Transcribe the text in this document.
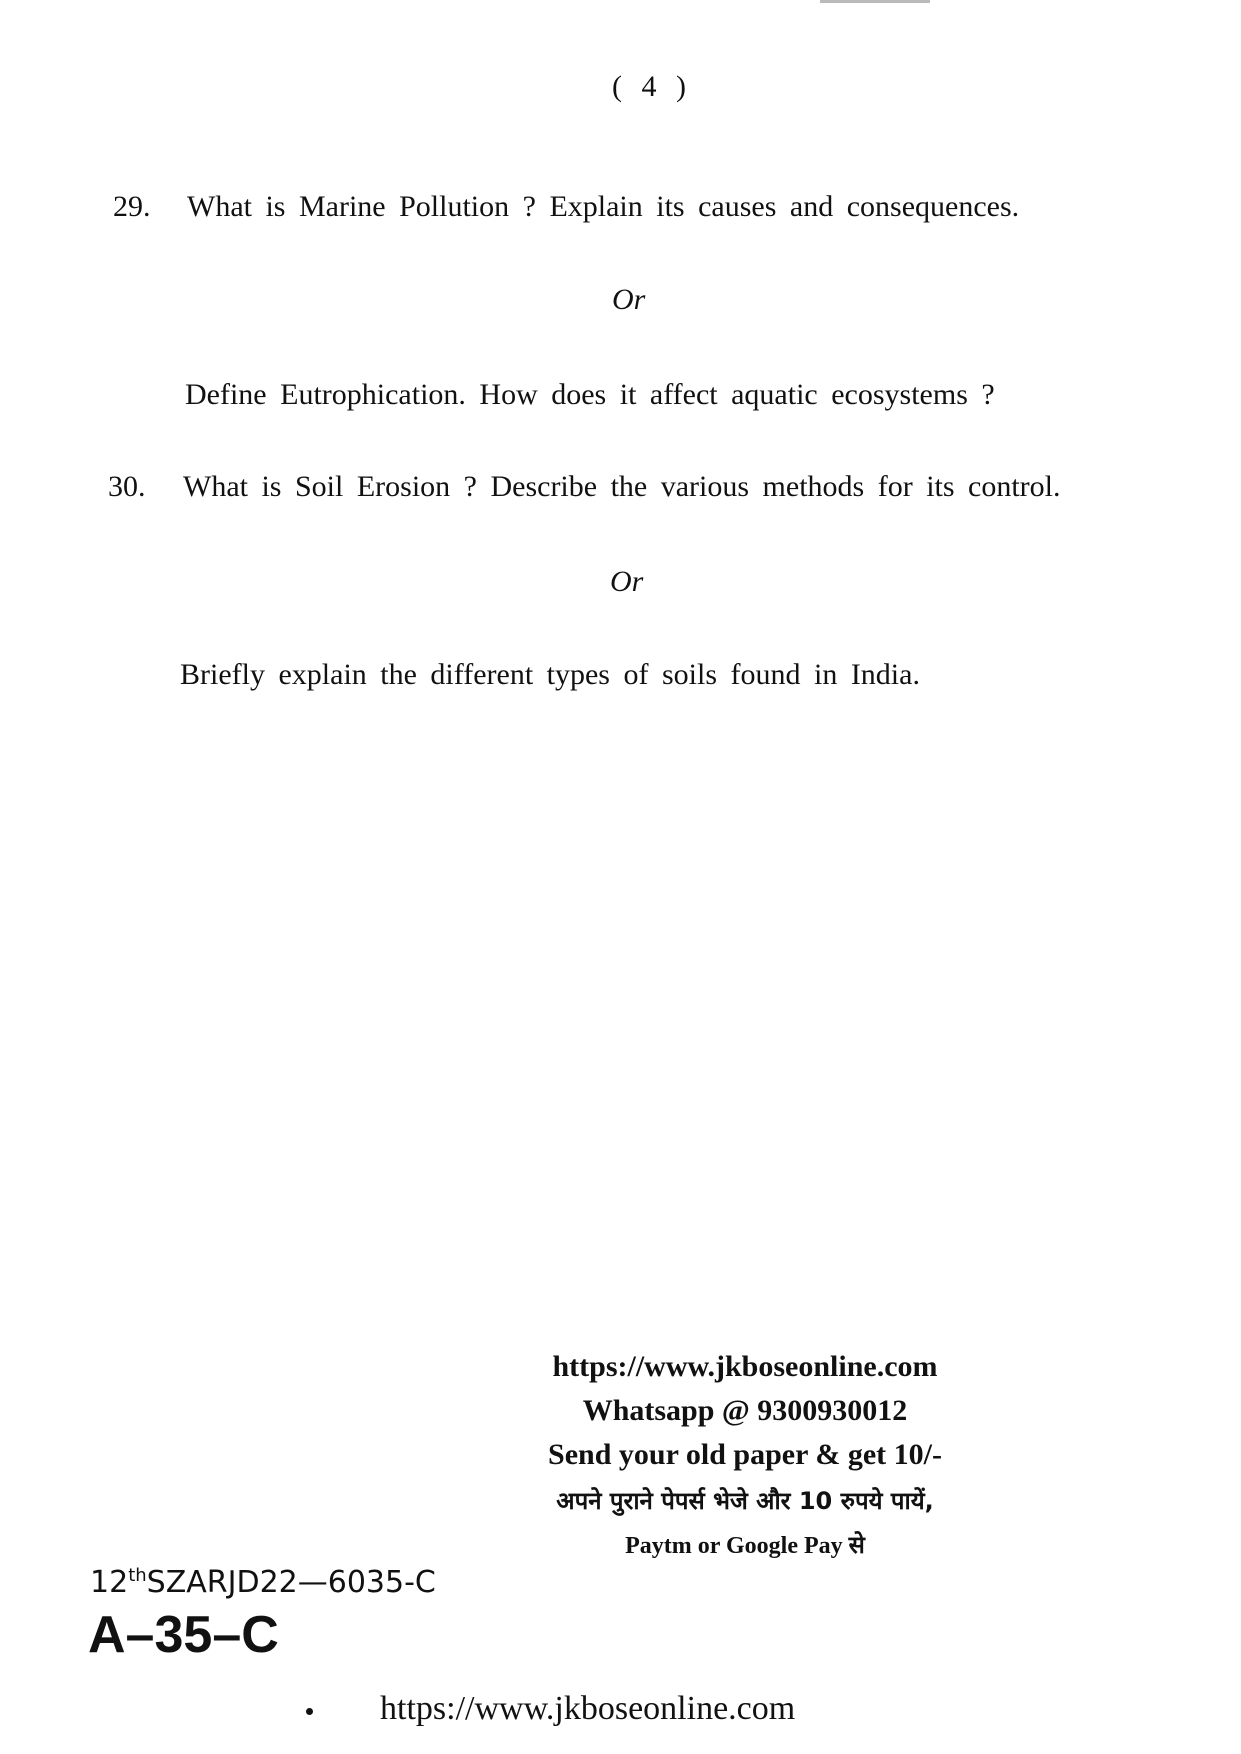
( 4 )
29. What is Marine Pollution ? Explain its causes and consequences.
Or
Define Eutrophication. How does it affect aquatic ecosystems ?
30. What is Soil Erosion ? Describe the various methods for its control.
Or
Briefly explain the different types of soils found in India.
https://www.jkboseonline.com
Whatsapp @ 9300930012
Send your old paper & get 10/-
अपने पुराने पेपर्स भेजे और 10 रुपये पायें,
Paytm or Google Pay से
12thSZARJD22—6035-C
A–35–C
https://www.jkboseonline.com
